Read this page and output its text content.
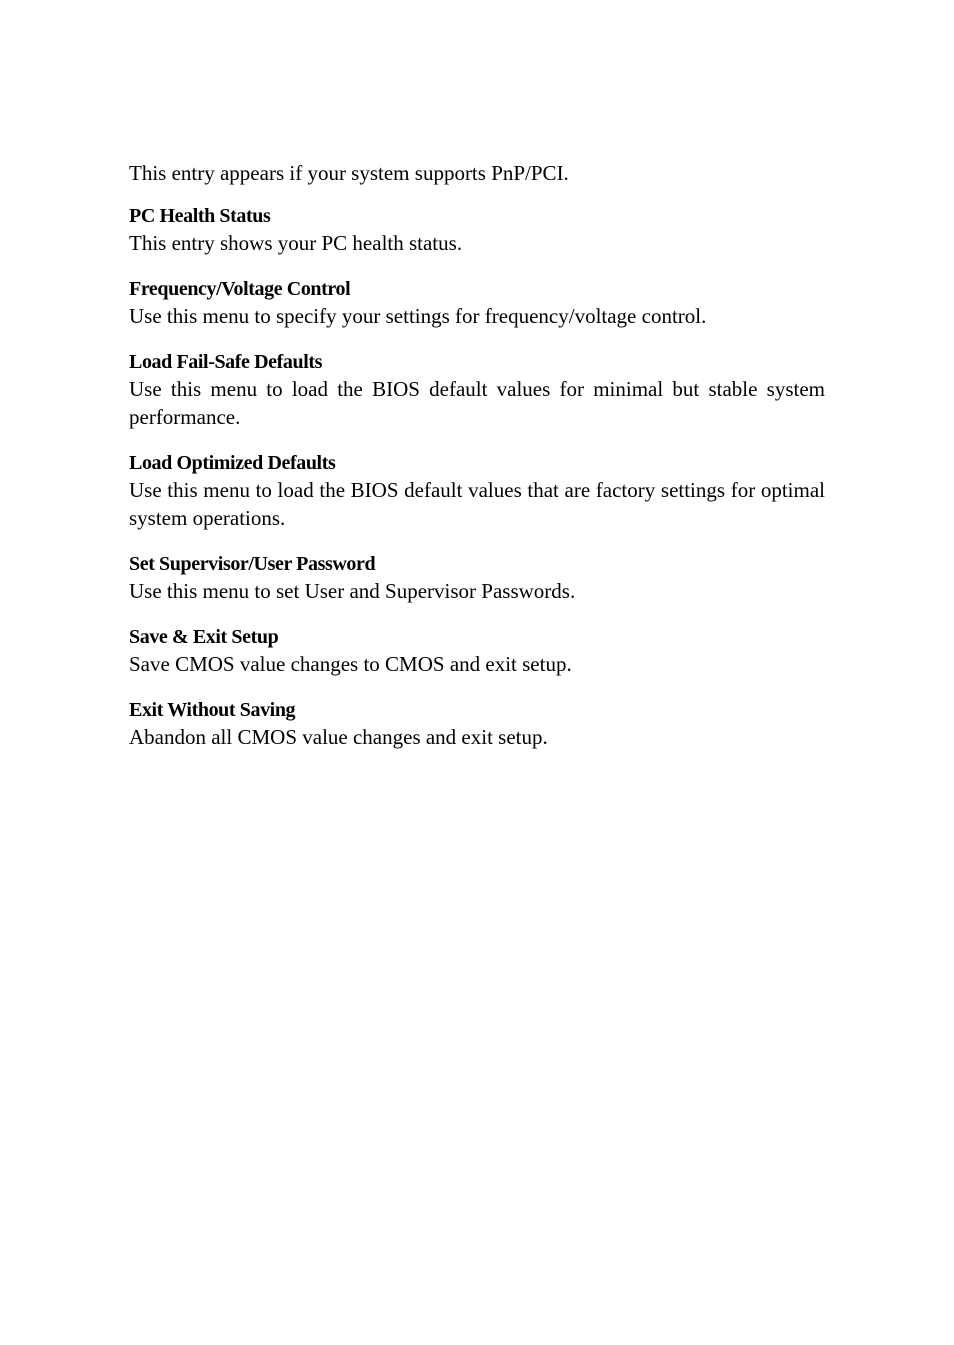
This entry appears if your system supports PnP/PCI.

PC Health Status

This entry shows your PC health status.

Frequency/Voltage Control

Use this menu to specify your settings for frequency/voltage control.

Load Fail-Safe Defaults

Use this menu to load the BIOS default values for minimal but stable system performance.

Load Optimized Defaults

Use this menu to load the BIOS default values that are factory settings for optimal system operations.

Set Supervisor/User Password

Use this menu to set User and Supervisor Passwords.

Save & Exit Setup

Save CMOS value changes to CMOS and exit setup.

Exit Without Saving

Abandon all CMOS value changes and exit setup.
